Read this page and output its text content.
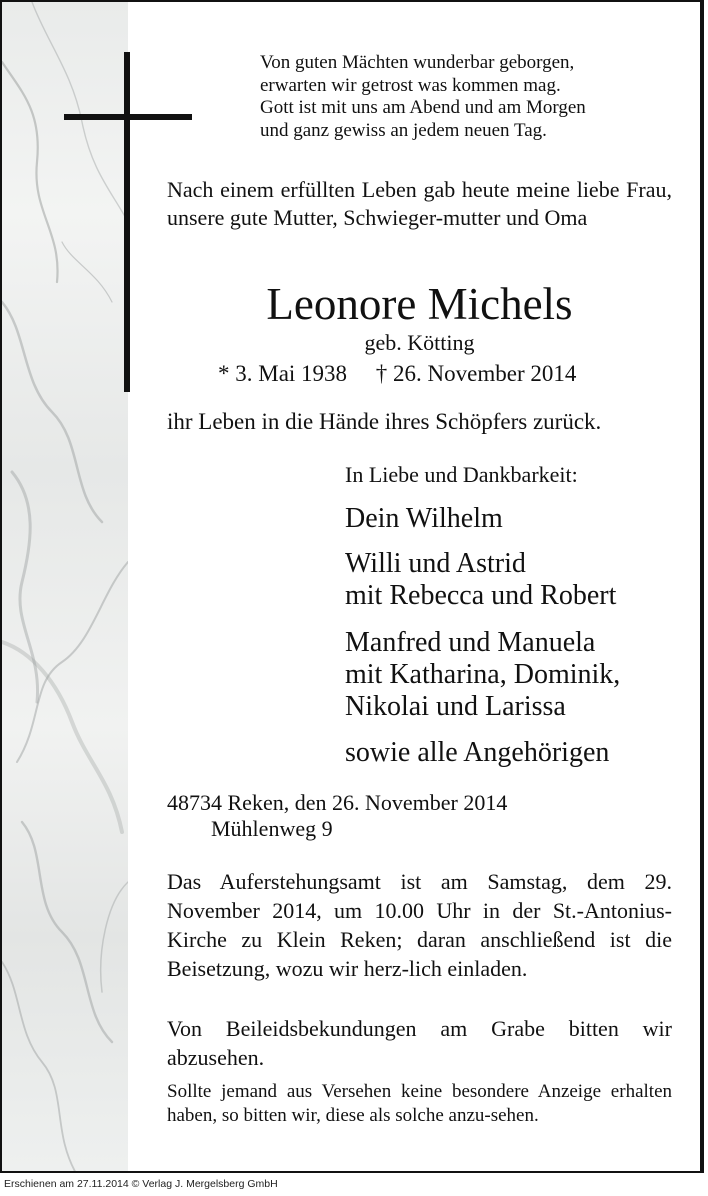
Von guten Mächten wunderbar geborgen,
erwarten wir getrost was kommen mag.
Gott ist mit uns am Abend und am Morgen
und ganz gewiss an jedem neuen Tag.

Nach einem erfüllten Leben gab heute meine liebe Frau, unsere gute Mutter, Schwieger-mutter und Oma

Leonore Michels

geb. Kötting

* 3. Mai 1938     † 26. November 2014

ihr Leben in die Hände ihres Schöpfers zurück.

In Liebe und Dankbarkeit:

Dein Wilhelm

Willi und Astrid
mit Rebecca und Robert

Manfred und Manuela
mit Katharina, Dominik,
Nikolai und Larissa

sowie alle Angehörigen

48734 Reken, den 26. November 2014
Mühlenweg 9

Das Auferstehungsamt ist am Samstag, dem 29. November 2014, um 10.00 Uhr in der St.-Antonius-Kirche zu Klein Reken; daran anschließend ist die Beisetzung, wozu wir herz-lich einladen.

Von Beileidsbekundungen am Grabe bitten wir abzusehen.

Sollte jemand aus Versehen keine besondere Anzeige erhalten haben, so bitten wir, diese als solche anzu-sehen.

Erschienen am 27.11.2014 © Verlag J. Mergelsberg GmbH
